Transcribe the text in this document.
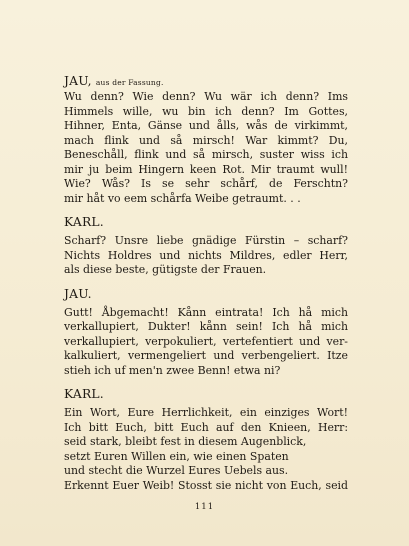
JAU, aus der Fassung.

Wu denn? Wie denn? Wu wär ich denn? Ims
Himmels wille, wu bin ich denn? Im Gottes,
Hihner, Enta, Gänse und ålls, wås de virkimmt,
mach flink und så mirsch! War kimmt? Du,
Beneschåll, flink und så mirsch, suster wiss ich
mir ju beim Hingern keen Rot. Mir traumt wull!
Wie? Wås? Is se sehr schårf, de Ferschtn?
mir håt vo eem schårfa Weibe getraumt. . .

KARL.

Scharf? Unsre liebe gnädige Fürstin – scharf?
Nichts Holdres und nichts Mildres, edler Herr,
als diese beste, gütigste der Frauen.

JAU.

Gutt! Åbgemacht! Kånn eintrata! Ich hå mich
verkallupiert, Dukter! kånn sein! Ich hå mich
verkallupiert, verpokuliert, vertefentiert und ver-
kalkuliert, vermengeliert und verbengeliert. Itze
stieh ich uf men'n zwee Benn! etwa ni?

KARL.

Ein Wort, Eure Herrlichkeit, ein einziges Wort!
Ich bitt Euch, bitt Euch auf den Knieen, Herr:
seid stark, bleibt fest in diesem Augenblick,
setzt Euren Willen ein, wie einen Spaten
und stecht die Wurzel Eures Uebels aus.
Erkennt Euer Weib! Stosst sie nicht von Euch, seid
111
